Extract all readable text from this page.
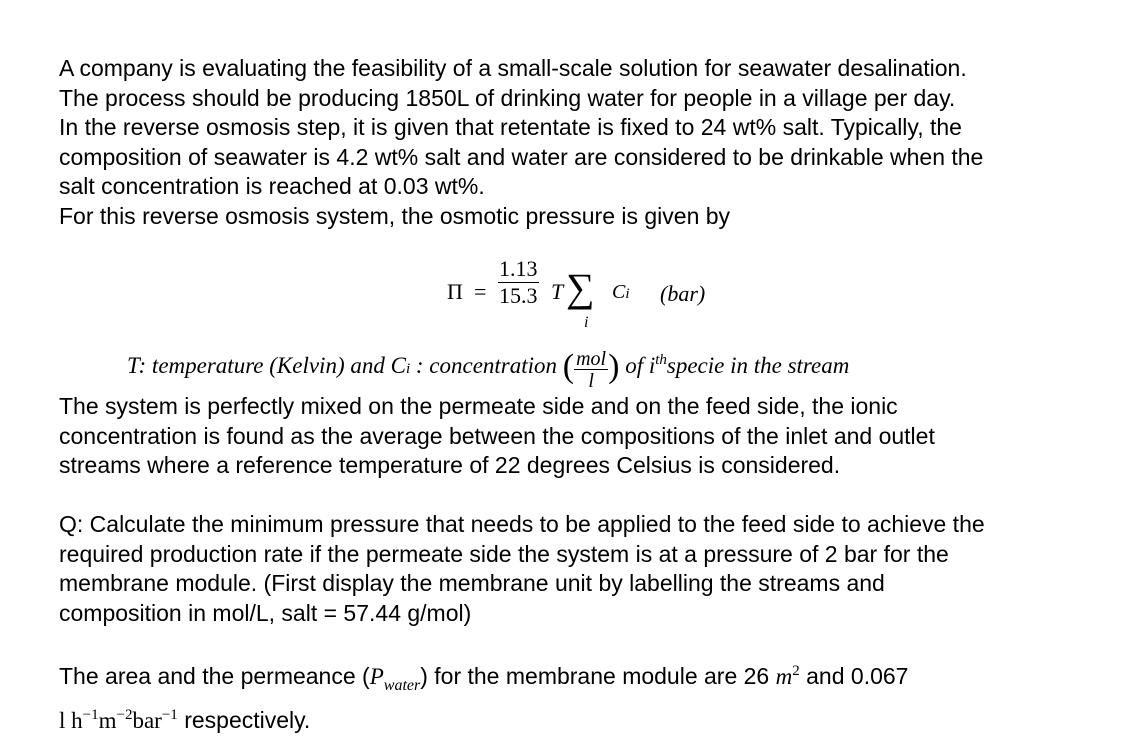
A company is evaluating the feasibility of a small-scale solution for seawater desalination.
The process should be producing 1850L of drinking water for people in a village per day.
In the reverse osmosis step, it is given that retentate is fixed to 24 wt% salt. Typically, the
composition of seawater is 4.2 wt% salt and water are considered to be drinkable when the
salt concentration is reached at 0.03 wt%.
For this reverse osmosis system, the osmotic pressure is given by
$\Pi = \frac{1.13}{15.3}$ T ∑
i
Ci (bar)
T: temperature (Kelvin) and Ci : concentration ( $\frac{\text{mol}}{l}$ ) of $i^{th}specie$ in the stream
The system is perfectly mixed on the permeate side and on the feed side, the ionic
concentration is found as the average between the compositions of the inlet and outlet
streams where a reference temperature of 22 degrees Celsius is considered.
Q: Calculate the minimum pressure that needs to be applied to the feed side to achieve the
required production rate if the permeate side the system is at a pressure of 2 bar for the
membrane module. (First display the membrane unit by labelling the streams and
composition in mol/L, salt = 57.44 g/mol)
The area and the permeance $(P_{water})$ for the membrane module are 26 $m^2$ and 0.067
l $h^{-1}m^{-2}bar^{-1}$ respectively.
